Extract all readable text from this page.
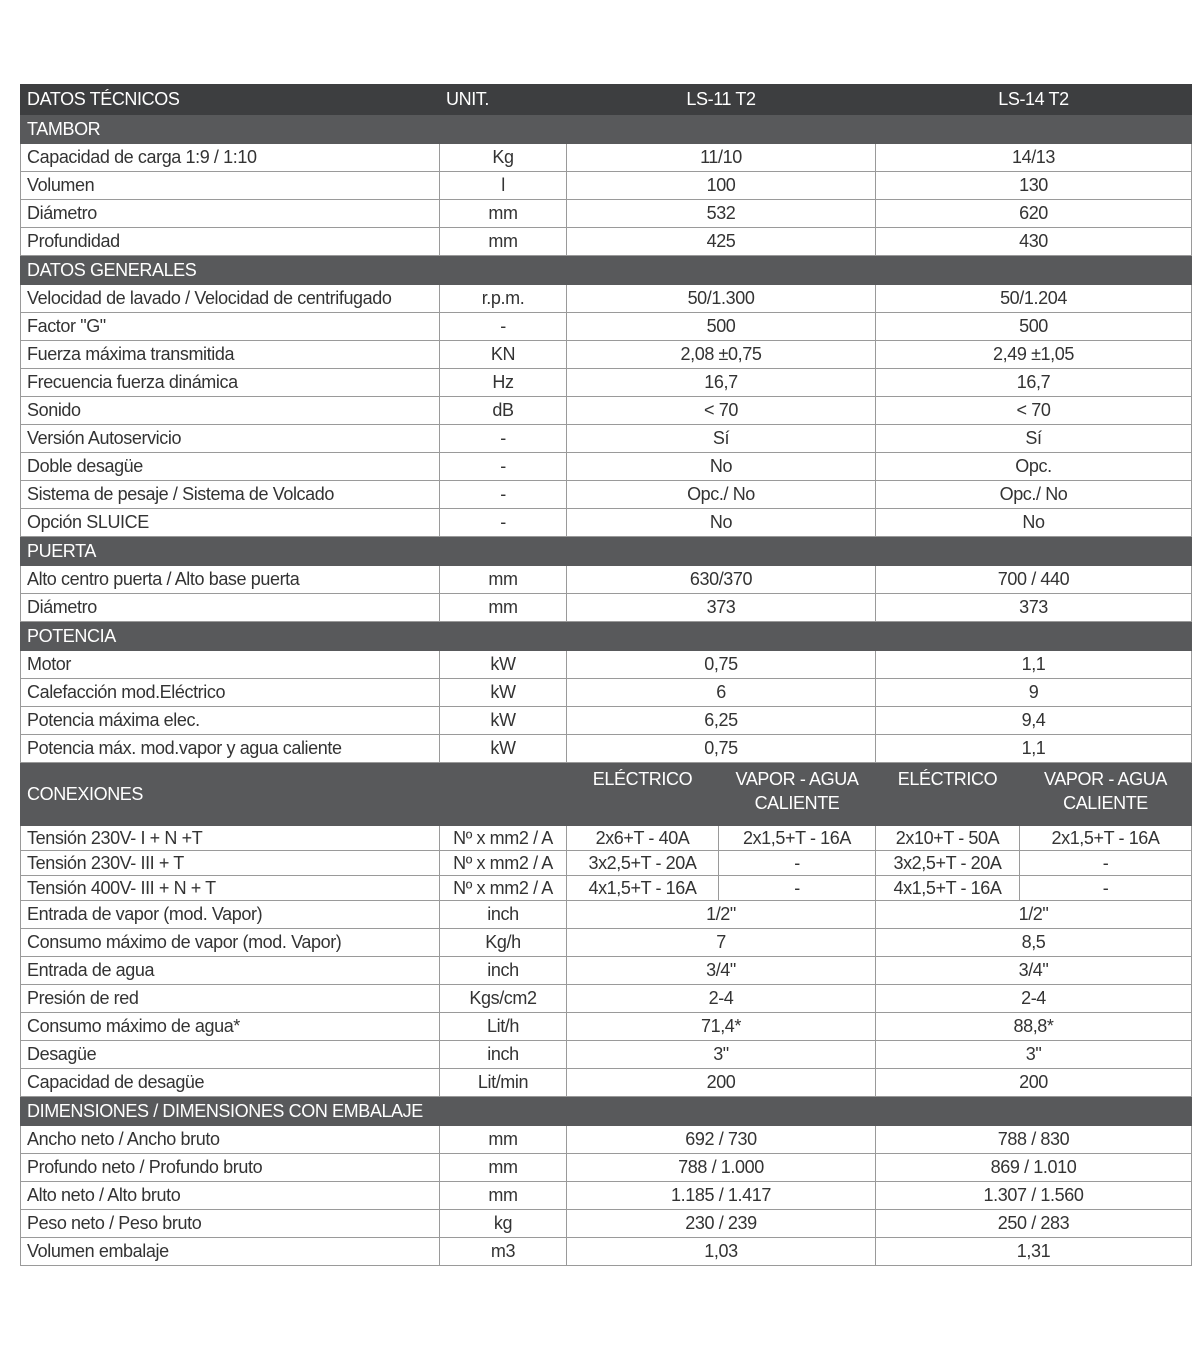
DATOS TÉCNICOS	UNIT.	LS-11 T2		LS-14 T2	
TAMBOR					
Capacidad de carga 1:9 / 1:10	Kg	11/10		14/13	
Volumen	l	100		130	
Diámetro	mm	532		620	
Profundidad	mm	425		430	
DATOS GENERALES					
Velocidad de lavado / Velocidad de centrifugado	r.p.m.	50/1.300		50/1.204	
Factor "G"	-	500		500	
Fuerza máxima transmitida	KN	2,08 ±0,75		2,49 ±1,05	
Frecuencia fuerza dinámica	Hz	16,7		16,7	
Sonido	dB	< 70		< 70	
Versión Autoservicio	-	Sí		Sí	
Doble desagüe	-	No		Opc.	
Sistema de pesaje / Sistema de Volcado	-	Opc./ No		Opc./ No	
Opción SLUICE	-	No		No	
PUERTA					
Alto centro puerta / Alto base puerta	mm	630/370		700 / 440	
Diámetro	mm	373		373	
POTENCIA					
Motor	kW	0,75		1,1	
Calefacción mod.Eléctrico	kW	6		9	
Potencia máxima elec.	kW	6,25		9,4	
Potencia máx. mod.vapor y agua caliente	kW	0,75		1,1	
CONEXIONES		ELÉCTRICO	VAPOR - AGUA CALIENTE	ELÉCTRICO	VAPOR - AGUA CALIENTE
Tensión 230V- I + N +T	Nº x mm2 / A	2x6+T - 40A	2x1,5+T - 16A	2x10+T - 50A	2x1,5+T - 16A
Tensión 230V- III + T	Nº x mm2 / A	3x2,5+T - 20A	-	3x2,5+T - 20A	-
Tensión 400V- III + N + T	Nº x mm2 / A	4x1,5+T - 16A	-	4x1,5+T - 16A	-
Entrada de vapor (mod. Vapor)	inch	1/2"		1/2"	
Consumo máximo de vapor (mod. Vapor)	Kg/h	7		8,5	
Entrada de agua	inch	3/4"		3/4"	
Presión de red	Kgs/cm2	2-4		2-4	
Consumo máximo de agua*	Lit/h	71,4*		88,8*	
Desagüe	inch	3"		3"	
Capacidad de desagüe	Lit/min	200		200	
DIMENSIONES / DIMENSIONES CON EMBALAJE					
Ancho neto / Ancho bruto	mm	692 / 730		788 / 830	
Profundo neto / Profundo bruto	mm	788 / 1.000		869 / 1.010	
Alto neto / Alto bruto	mm	1.185 / 1.417		1.307 / 1.560	
Peso neto / Peso bruto	kg	230 / 239		250 / 283	
Volumen embalaje	m3	1,03		1,31	
